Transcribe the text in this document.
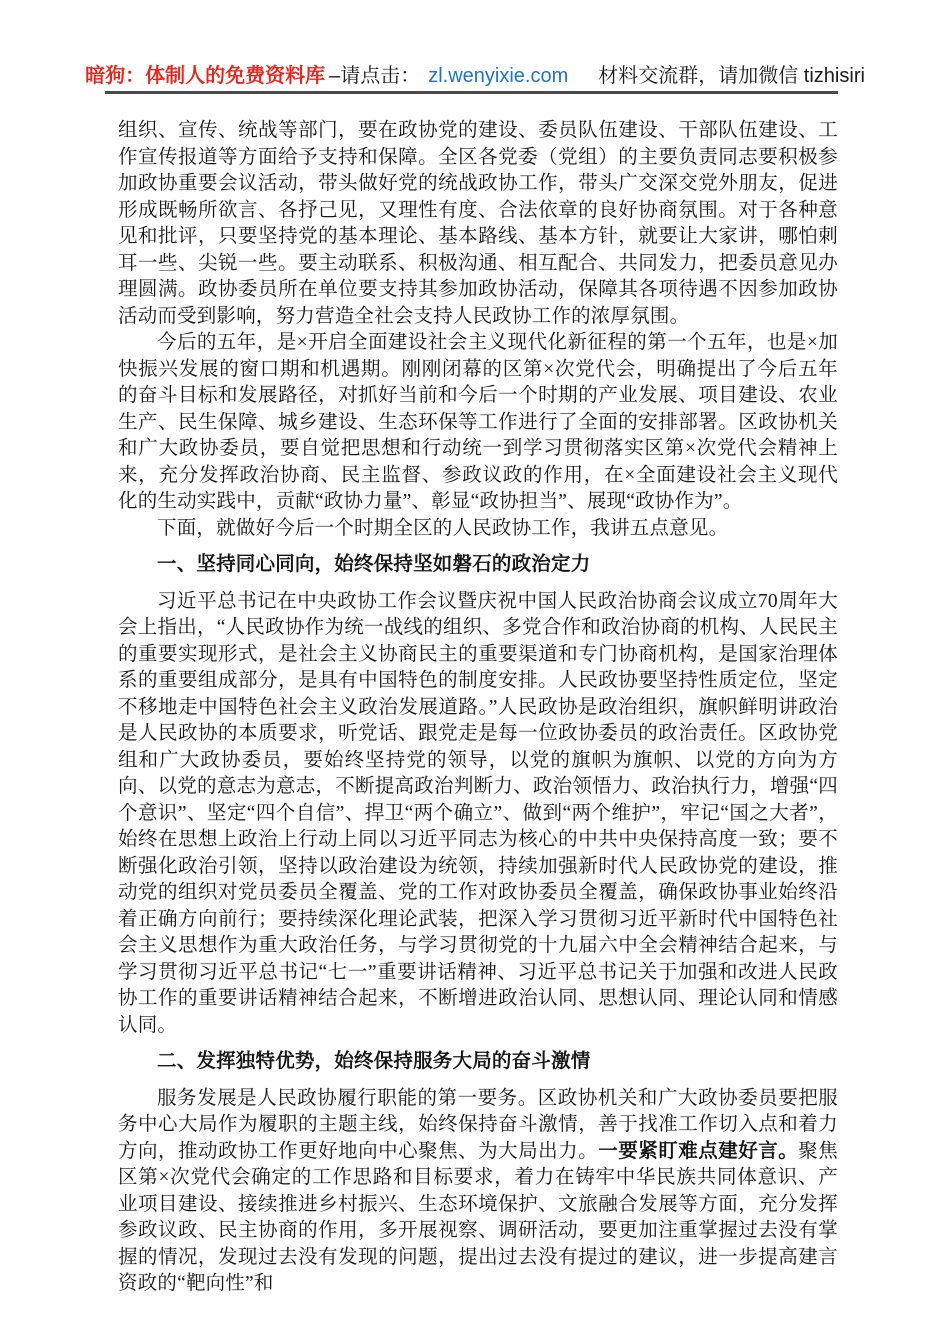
暗狗：体制人的免费资料库 –请点击： zl.wenyixie.com 材料交流群，请加微信 tizhisiri
组织、宣传、统战等部门，要在政协党的建设、委员队伍建设、干部队伍建设、工作宣传报道等方面给予支持和保障。全区各党委（党组）的主要负责同志要积极参加政协重要会议活动，带头做好党的统战政协工作，带头广交深交党外朋友，促进形成既畅所欲言、各抒己见，又理性有度、合法依章的良好协商氛围。对于各种意见和批评，只要坚持党的基本理论、基本路线、基本方针，就要让大家讲，哪怕刺耳一些、尖锐一些。要主动联系、积极沟通、相互配合、共同发力，把委员意见办理圆满。政协委员所在单位要支持其参加政协活动，保障其各项待遇不因参加政协活动而受到影响，努力营造全社会支持人民政协工作的浓厚氛围。
今后的五年，是×开启全面建设社会主义现代化新征程的第一个五年，也是×加快振兴发展的窗口期和机遇期。刚刚闭幕的区第×次党代会，明确提出了今后五年的奋斗目标和发展路径，对抓好当前和今后一个时期的产业发展、项目建设、农业生产、民生保障、城乡建设、生态环保等工作进行了全面的安排部署。区政协机关和广大政协委员，要自觉把思想和行动统一到学习贯彻落实区第×次党代会精神上来，充分发挥政治协商、民主监督、参政议政的作用，在×全面建设社会主义现代化的生动实践中，贡献“政协力量”、彰显“政协担当”、展现“政协作为”。
下面，就做好今后一个时期全区的人民政协工作，我讲五点意见。
一、坚持同心同向，始终保持坚如磐石的政治定力
习近平总书记在中央政协工作会议暨庆祝中国人民政治协商会议成立70周年大会上指出，“人民政协作为统一战线的组织、多党合作和政治协商的机构、人民民主的重要实现形式，是社会主义协商民主的重要渠道和专门协商机构，是国家治理体系的重要组成部分，是具有中国特色的制度安排。人民政协要坚持性质定位，坚定不移地走中国特色社会主义政治发展道路。”人民政协是政治组织，旗帜鲜明讲政治是人民政协的本质要求，听党话、跟党走是每一位政协委员的政治责任。区政协党组和广大政协委员，要始终坚持党的领导，以党的旗帜为旗帜、以党的方向为方向、以党的意志为意志，不断提高政治判断力、政治领悟力、政治执行力，增强“四个意识”、坚定“四个自信”、捍卫“两个确立”、做到“两个维护”，牢记“国之大者”，始终在思想上政治上行动上同以习近平同志为核心的中共中央保持高度一致；要不断强化政治引领，坚持以政治建设为统领，持续加强新时代人民政协党的建设，推动党的组织对党员委员全覆盖、党的工作对政协委员全覆盖，确保政协事业始终沿着正确方向前行；要持续深化理论武装，把深入学习贯彻习近平新时代中国特色社会主义思想作为重大政治任务，与学习贯彻党的十九届六中全会精神结合起来，与学习贯彻习近平总书记“七一”重要讲话精神、习近平总书记关于加强和改进人民政协工作的重要讲话精神结合起来，不断增进政治认同、思想认同、理论认同和情感认同。
二、发挥独特优势，始终保持服务大局的奋斗激情
服务发展是人民政协履行职能的第一要务。区政协机关和广大政协委员要把服务中心大局作为履职的主题主线，始终保持奋斗激情，善于找准工作切入点和着力方向，推动政协工作更好地向中心聚焦、为大局出力。一要紧盯难点建好言。聚焦区第×次党代会确定的工作思路和目标要求，着力在铸牢中华民族共同体意识、产业项目建设、接续推进乡村振兴、生态环境保护、文旅融合发展等方面，充分发挥参政议政、民主协商的作用，多开展视察、调研活动，要更加注重掌握过去没有掌握的情况，发现过去没有发现的问题，提出过去没有提过的建议，进一步提高建言资政的“靶向性”和
